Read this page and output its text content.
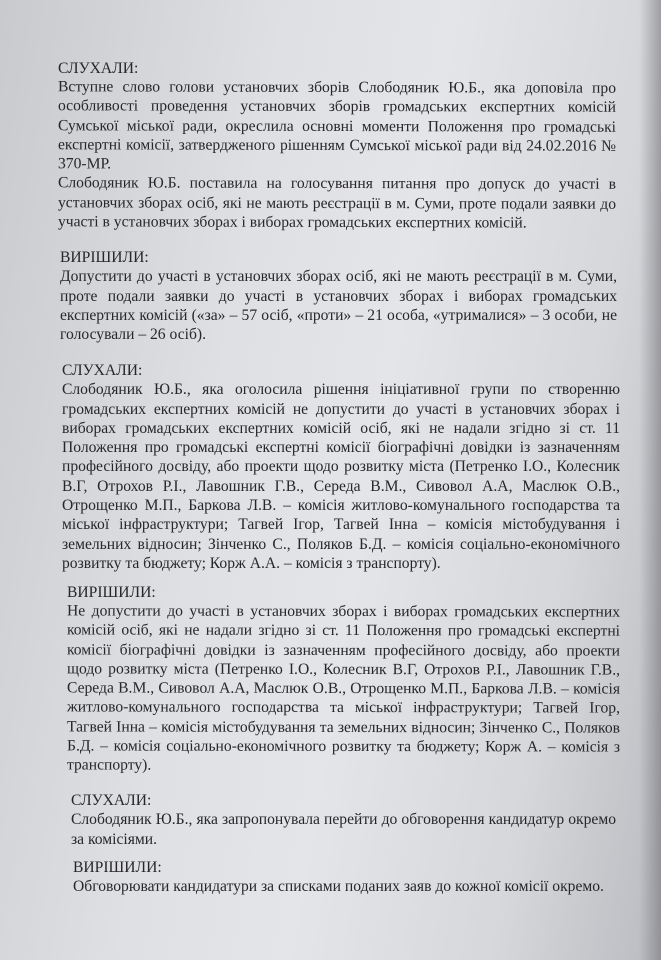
СЛУХАЛИ:

Вступне слово голови установчих зборів Слободяник Ю.Б., яка доповіла про особливості проведення установчих зборів громадських експертних комісій Сумської міської ради, окреслила основні моменти Положення про громадські експертні комісії, затвердженого рішенням Сумської міської ради від 24.02.2016 № 370-МР.

Слободяник Ю.Б. поставила на голосування питання про допуск до участі в установчих зборах осіб, які не мають реєстрації в м. Суми, проте подали заявки до участі в установчих зборах і виборах громадських експертних комісій.

ВИРІШИЛИ:

Допустити до участі в установчих зборах осіб, які не мають реєстрації в м. Суми, проте подали заявки до участі в установчих зборах і виборах громадських експертних комісій («за» – 57 осіб, «проти» – 21 особа, «утрималися» – 3 особи, не голосували – 26 осіб).

СЛУХАЛИ:

Слободяник Ю.Б., яка оголосила рішення ініціативної групи по створенню громадських експертних комісій не допустити до участі в установчих зборах і виборах громадських експертних комісій осіб, які не надали згідно зі ст. 11 Положення про громадські експертні комісії біографічні довідки із зазначенням професійного досвіду, або проекти щодо розвитку міста (Петренко І.О., Колесник В.Г, Отрохов Р.І., Лавошник Г.В., Середа В.М., Сивовол А.А, Маслюк О.В., Отрощенко М.П., Баркова Л.В. – комісія житлово-комунального господарства та міської інфраструктури; Тагвей Ігор, Тагвей Інна – комісія містобудування і земельних відносин; Зінченко С., Поляков Б.Д. – комісія соціально-економічного розвитку та бюджету; Корж А.А. – комісія з транспорту).

ВИРІШИЛИ:

Не допустити до участі в установчих зборах і виборах громадських експертних комісій осіб, які не надали згідно зі ст. 11 Положення про громадські експертні комісії біографічні довідки із зазначенням професійного досвіду, або проекти щодо розвитку міста (Петренко І.О., Колесник В.Г, Отрохов Р.І., Лавошник Г.В., Середа В.М., Сивовол А.А, Маслюк О.В., Отрощенко М.П., Баркова Л.В. – комісія житлово-комунального господарства та міської інфраструктури; Тагвей Ігор, Тагвей Інна – комісія містобудування та земельних відносин; Зінченко С., Поляков Б.Д. – комісія соціально-економічного розвитку та бюджету; Корж А. – комісія з транспорту).

СЛУХАЛИ:

Слободяник Ю.Б., яка запропонувала перейти до обговорення кандидатур окремо за комісіями.

ВИРІШИЛИ:

Обговорювати кандидатури за списками поданих заяв до кожної комісії окремо.
